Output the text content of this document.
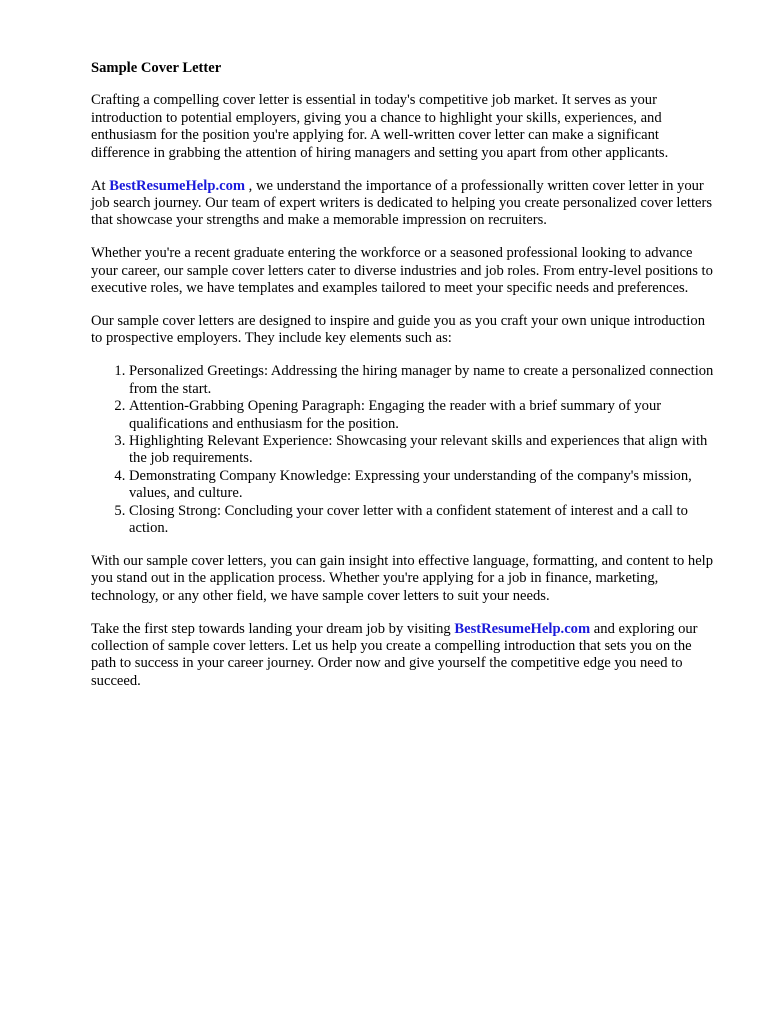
Sample Cover Letter

Crafting a compelling cover letter is essential in today's competitive job market. It serves as your introduction to potential employers, giving you a chance to highlight your skills, experiences, and enthusiasm for the position you're applying for. A well-written cover letter can make a significant difference in grabbing the attention of hiring managers and setting you apart from other applicants.

At BestResumeHelp.com , we understand the importance of a professionally written cover letter in your job search journey. Our team of expert writers is dedicated to helping you create personalized cover letters that showcase your strengths and make a memorable impression on recruiters.

Whether you're a recent graduate entering the workforce or a seasoned professional looking to advance your career, our sample cover letters cater to diverse industries and job roles. From entry-level positions to executive roles, we have templates and examples tailored to meet your specific needs and preferences.

Our sample cover letters are designed to inspire and guide you as you craft your own unique introduction to prospective employers. They include key elements such as:

1. Personalized Greetings: Addressing the hiring manager by name to create a personalized connection from the start.
2. Attention-Grabbing Opening Paragraph: Engaging the reader with a brief summary of your qualifications and enthusiasm for the position.
3. Highlighting Relevant Experience: Showcasing your relevant skills and experiences that align with the job requirements.
4. Demonstrating Company Knowledge: Expressing your understanding of the company's mission, values, and culture.
5. Closing Strong: Concluding your cover letter with a confident statement of interest and a call to action.

With our sample cover letters, you can gain insight into effective language, formatting, and content to help you stand out in the application process. Whether you're applying for a job in finance, marketing, technology, or any other field, we have sample cover letters to suit your needs.

Take the first step towards landing your dream job by visiting BestResumeHelp.com and exploring our collection of sample cover letters. Let us help you create a compelling introduction that sets you on the path to success in your career journey. Order now and give yourself the competitive edge you need to succeed.
